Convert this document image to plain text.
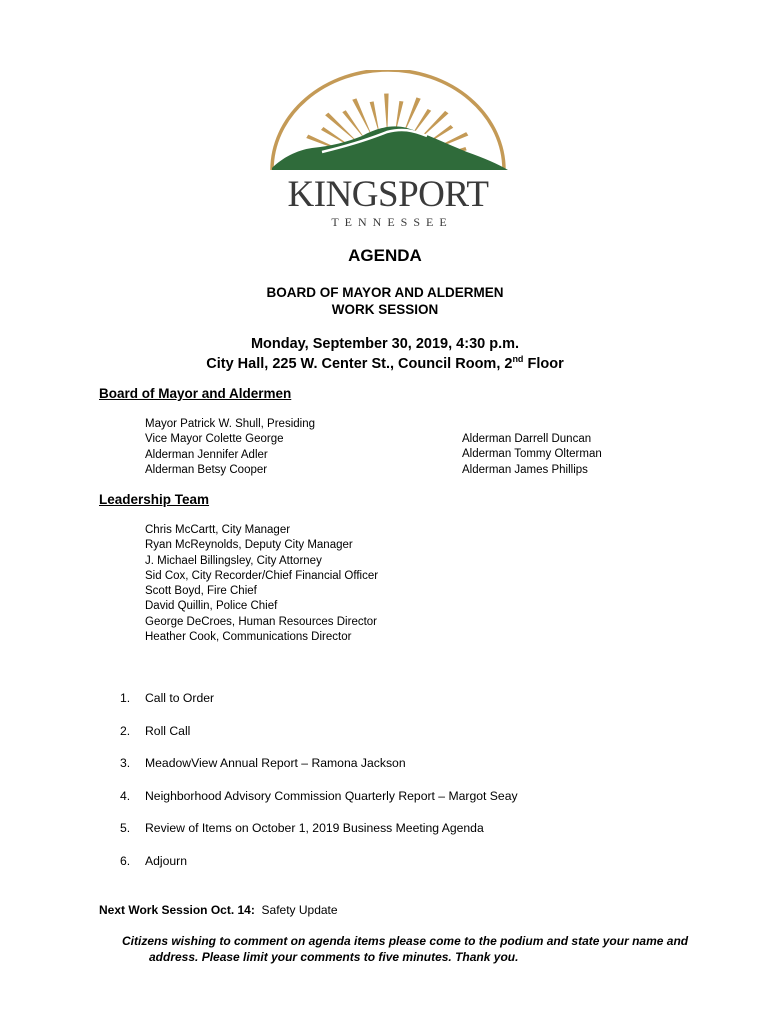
KINGSPORT
TENNESSEE
AGENDA
BOARD OF MAYOR AND ALDERMEN
WORK SESSION
Monday, September 30, 2019, 4:30 p.m.
City Hall, 225 W. Center St., Council Room, 2nd Floor
Board of Mayor and Aldermen
Mayor Patrick W. Shull, Presiding
Vice Mayor Colette George
Alderman Jennifer Adler
Alderman Betsy Cooper
Alderman Darrell Duncan
Alderman Tommy Olterman
Alderman James Phillips
Leadership Team
Chris McCartt, City Manager
Ryan McReynolds, Deputy City Manager
J. Michael Billingsley, City Attorney
Sid Cox, City Recorder/Chief Financial Officer
Scott Boyd, Fire Chief
David Quillin, Police Chief
George DeCroes, Human Resources Director
Heather Cook, Communications Director
1. Call to Order
2. Roll Call
3. MeadowView Annual Report – Ramona Jackson
4. Neighborhood Advisory Commission Quarterly Report – Margot Seay
5. Review of Items on October 1, 2019 Business Meeting Agenda
6. Adjourn
Next Work Session Oct. 14: Safety Update
Citizens wishing to comment on agenda items please come to the podium and state your name and
address. Please limit your comments to five minutes. Thank you.
